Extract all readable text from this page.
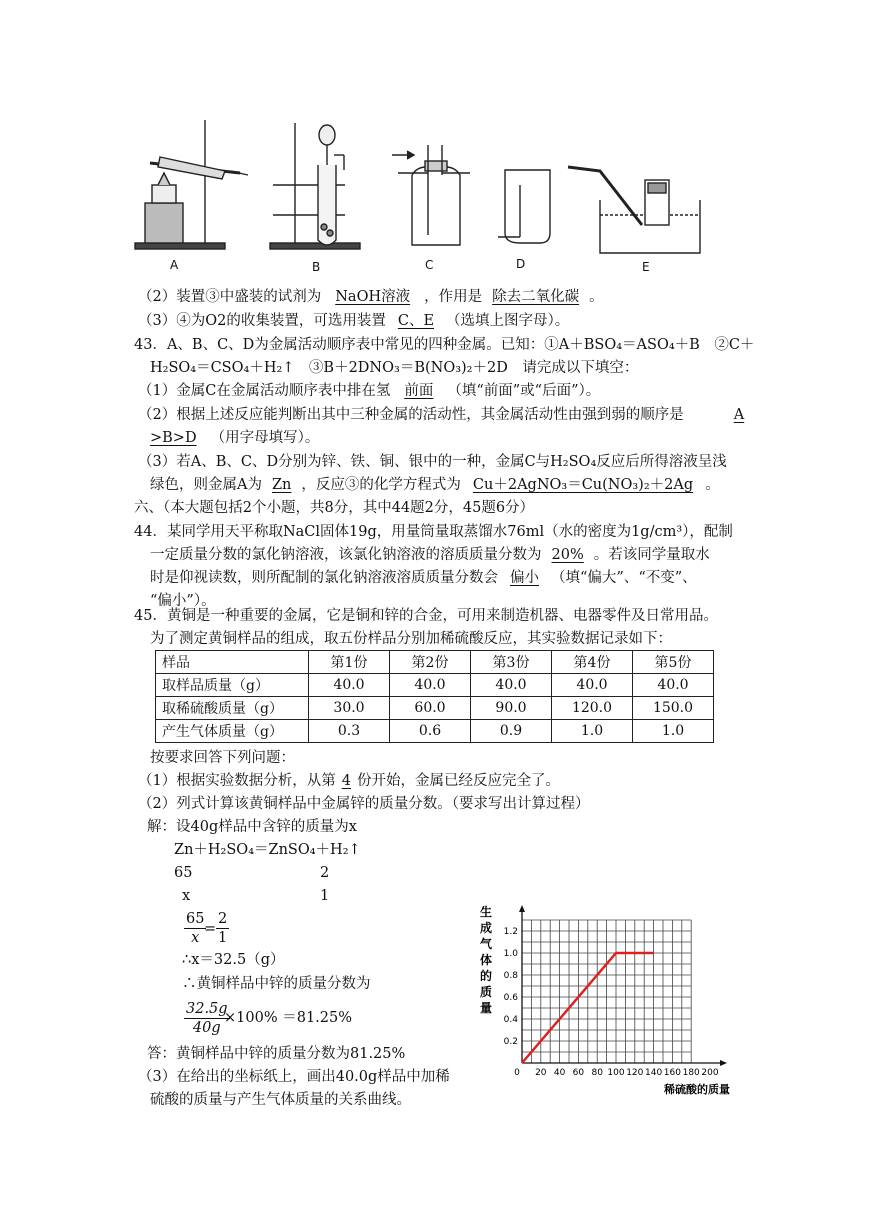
A	B	C	D	E
（2）装置③中盛装的试剂为 NaOH溶液 ，作用是 除去二氧化碳 。
（3）④为O2的收集装置，可选用装置 C、E （选填上图字母）。
43．A、B、C、D为金属活动顺序表中常见的四种金属。已知：①A＋BSO₄＝ASO₄＋B　②C＋
H₂SO₄＝CSO₄＋H₂↑　③B＋2DNO₃＝B(NO₃)₂＋2D　请完成以下填空：
（1）金属C在金属活动顺序表中排在氢 前面 （填“前面”或“后面”）。
（2）根据上述反应能判断出其中三种金属的活动性，其金属活动性由强到弱的顺序是	A
>B>D （用字母填写）。
（3）若A、B、C、D分别为锌、铁、铜、银中的一种，金属C与H₂SO₄反应后所得溶液呈浅
绿色，则金属A为 Zn ，反应③的化学方程式为 Cu＋2AgNO₃＝Cu(NO₃)₂＋2Ag 。
六、（本大题包括2个小题，共8分，其中44题2分，45题6分）
44．某同学用天平称取NaCl固体19g，用量筒量取蒸馏水76ml（水的密度为1g/cm³），配制
一定质量分数的氯化钠溶液，该氯化钠溶液的溶质质量分数为 20% 。若该同学量取水
时是仰视读数，则所配制的氯化钠溶液溶质质量分数会 偏小 （填“偏大”、“不变”、
“偏小”）。
45．黄铜是一种重要的金属，它是铜和锌的合金，可用来制造机器、电器零件及日常用品。
为了测定黄铜样品的组成，取五份样品分别加稀硫酸反应，其实验数据记录如下：
样品	第1份	第2份	第3份	第4份	第5份
取样品质量（g）	40.0	40.0	40.0	40.0	40.0
取稀硫酸质量（g）	30.0	60.0	90.0	120.0	150.0
产生气体质量（g）	0.3	0.6	0.9	1.0	1.0
按要求回答下列问题：
（1）根据实验数据分析，从第 4 份开始，金属已经反应完全了。
（2）列式计算该黄铜样品中金属锌的质量分数。（要求写出计算过程）
解：设40g样品中含锌的质量为x
Zn＋H₂SO₄＝ZnSO₄＋H₂↑
65	2
x	1
$\frac{65}{x}$
= $\frac{2}{1}$
∴x＝32.5（g）
∴黄铜样品中锌的质量分数为
$\frac{32.5g}{40g}$
×100% ＝81.25%
答：黄铜样品中锌的质量分数为81.25%
（3）在给出的坐标纸上，画出40.0g样品中加稀
硫酸的质量与产生气体质量的关系曲线。
0 20 40 60 80 100 120 140 160 180 200
0.2
0.4
0.6
0.8
1.0
1.2
生
成
气
体
的
质
量
稀硫酸的质量
